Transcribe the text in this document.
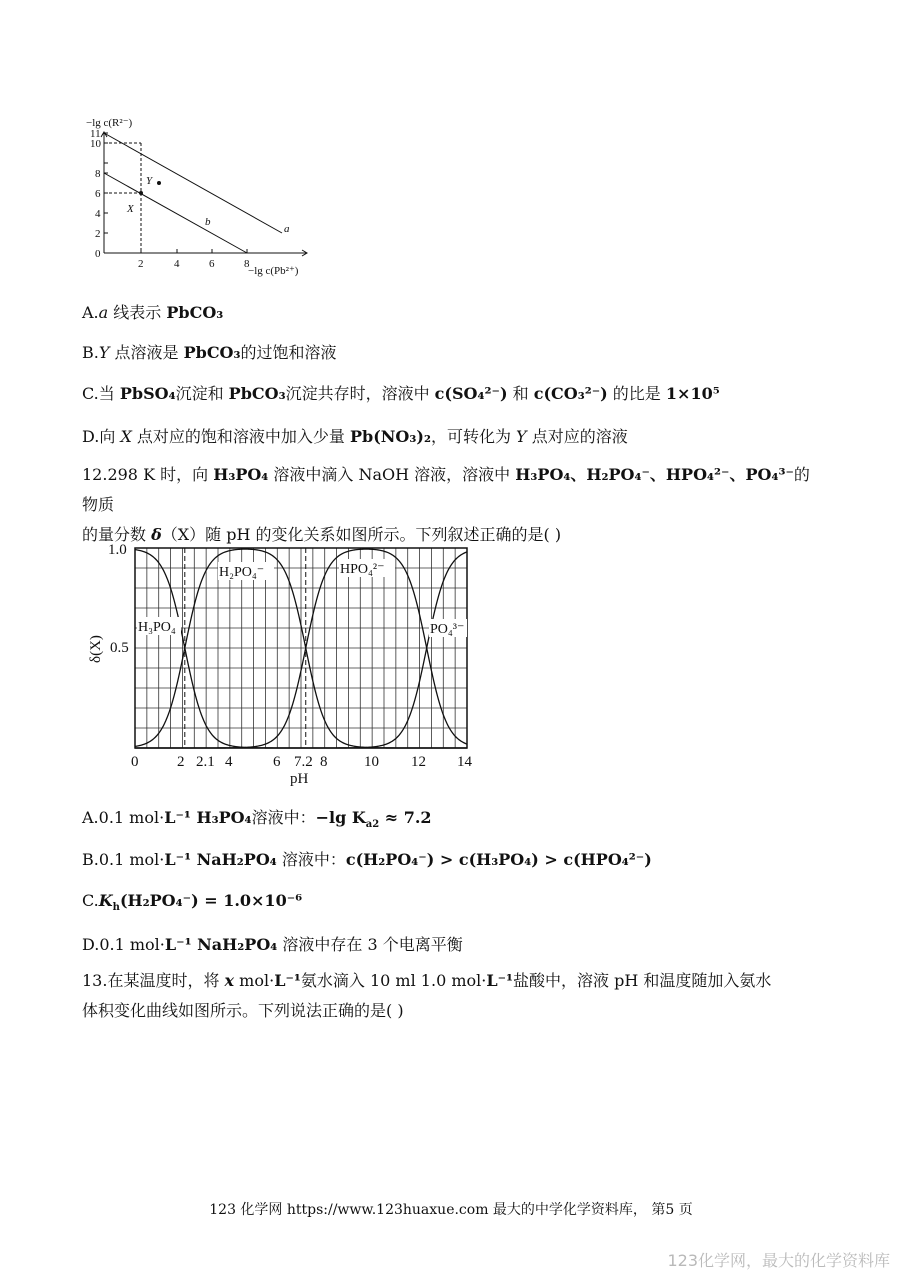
−lg c(R²⁻)
−lg c(Pb²⁺)
11
10
8
6
4
2
0
2	4	6	8
a
b
X
Y
A.a 线表示 PbCO₃
B.Y 点溶液是 PbCO₃的过饱和溶液
C.当 PbSO₄沉淀和 PbCO₃沉淀共存时，溶液中 c(SO₄²⁻) 和 c(CO₃²⁻) 的比是 1×10⁵
D.向 X 点对应的饱和溶液中加入少量 Pb(NO₃)₂，可转化为 Y 点对应的溶液
12.298 K 时，向 H₃PO₄ 溶液中滴入 NaOH 溶液，溶液中 H₃PO₄、H₂PO₄⁻、HPO₄²⁻、PO₄³⁻的物质
的量分数 δ（X）随 pH 的变化关系如图所示。下列叙述正确的是( )
1.0
0.5
δ(X)
0	2 2.1 4	6 7.2 8 10 12 14
pH
H₃PO₄
H₂PO₄⁻	HPO₄²⁻
PO₄³⁻
A.0.1 mol·L⁻¹ H₃PO₄溶液中：−lg $K_{a2} \approx 7.2$
B.0.1 mol·L⁻¹ NaH₂PO₄ 溶液中：c(H₂PO₄⁻) > c(H₃PO₄) > c(HPO₄²⁻)
$C.K_h(H_2PO_4^-) = 1.0\times 10^{-6}$
D.0.1 mol·L⁻¹ NaH₂PO₄ 溶液中存在 3 个电离平衡
13.在某温度时，将 x mol·L⁻¹氨水滴入 10 ml 1.0 mol·L⁻¹盐酸中，溶液 pH 和温度随加入氨水
体积变化曲线如图所示。下列说法正确的是( )
123 化学网 https://www.123huaxue.com 最大的中学化学资料库， 第5 页
123化学网，最大的化学资料库
